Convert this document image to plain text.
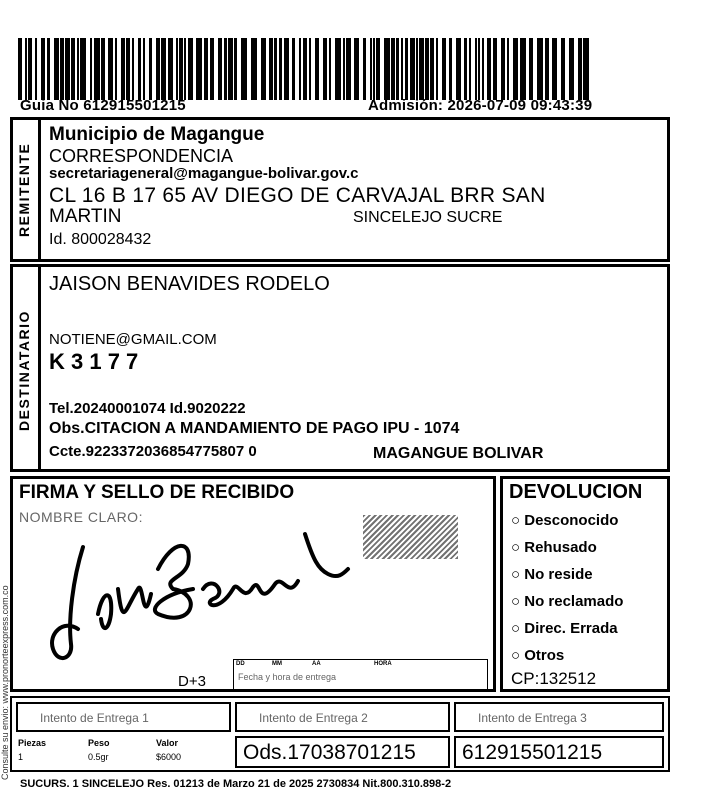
Guia No 612915501215	Admisión: 2026-07-09 09:43:39
Consulte su envio: www.pronorteexpress.com.co
REMITENTE
Municipio de Magangue
CORRESPONDENCIA
secretariageneral@magangue-bolivar.gov.c
CL 16 B 17 65 AV DIEGO DE CARVAJAL BRR SAN
MARTIN	SINCELEJO SUCRE
Id. 800028432
DESTINATARIO
JAISON BENAVIDES RODELO
NOTIENE@GMAIL.COM
K 3 1 7 7
Tel.20240001074 Id.9020222
Obs.CITACION A MANDAMIENTO DE PAGO IPU - 1074
Ccte.9223372036854775807 0	MAGANGUE BOLIVAR
FIRMA Y SELLO DE RECIBIDO
NOMBRE CLARO:
D+3
DD	MM	AA	HORA
Fecha y hora de entrega
DEVOLUCION
○ Desconocido
○ Rehusado
○ No reside
○ No reclamado
○ Direc. Errada
○ Otros
CP:132512
Intento de Entrega 1	Intento de Entrega 2	Intento de Entrega 3
Piezas	Peso	Valor
1	0.5gr	$6000	Ods.17038701215 612915501215
SUCURS. 1 SINCELEJO Res. 01213 de Marzo 21 de 2025 2730834 Nit.800.310.898-2
